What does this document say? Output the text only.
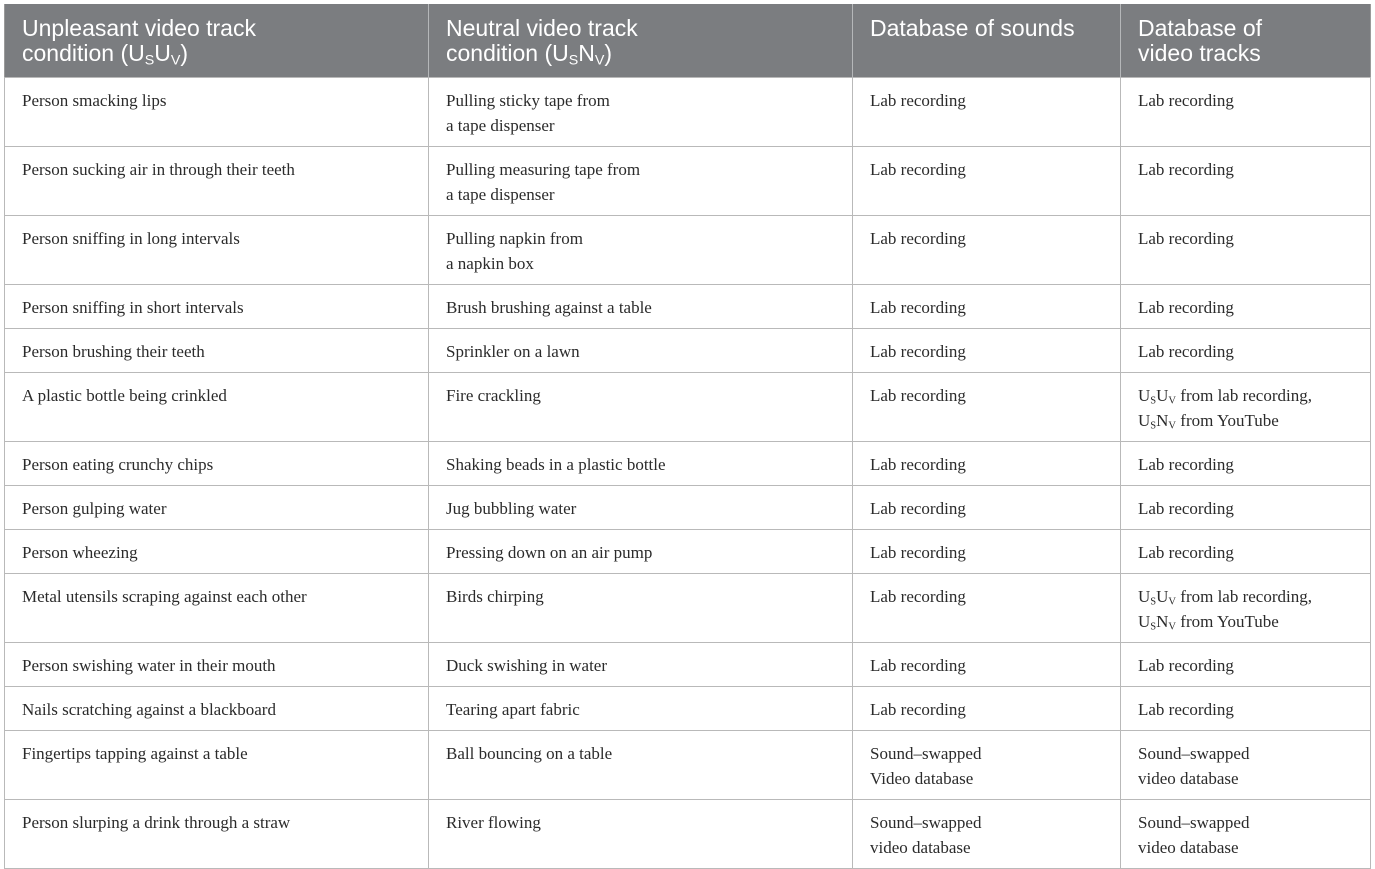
Unpleasant video track
condition $(U_SU_V)$	Neutral video track
condition $(U_SN_V)$	Database of sounds	Database of
video tracks

Person smacking lips	Pulling sticky tape from
a tape dispenser	Lab recording	Lab recording

Person sucking air in through their teeth	Pulling measuring tape from
a tape dispenser	Lab recording	Lab recording

Person sniffing in long intervals	Pulling napkin from
a napkin box	Lab recording	Lab recording

Person sniffing in short intervals	Brush brushing against a table	Lab recording	Lab recording

Person brushing their teeth	Sprinkler on a lawn	Lab recording	Lab recording

A plastic bottle being crinkled	Fire crackling	Lab recording	$U_SU_V$ from lab recording,
$U_SN_V$ from YouTube

Person eating crunchy chips	Shaking beads in a plastic bottle	Lab recording	Lab recording

Person gulping water	Jug bubbling water	Lab recording	Lab recording

Person wheezing	Pressing down on an air pump	Lab recording	Lab recording

Metal utensils scraping against each other	Birds chirping	Lab recording	$U_SU_V$ from lab recording,
$U_SN_V$ from YouTube

Person swishing water in their mouth	Duck swishing in water	Lab recording	Lab recording

Nails scratching against a blackboard	Tearing apart fabric	Lab recording	Lab recording

Fingertips tapping against a table	Ball bouncing on a table	Sound–swapped
Video database	Sound–swapped
video database

Person slurping a drink through a straw	River flowing	Sound–swapped
video database	Sound–swapped
video database
